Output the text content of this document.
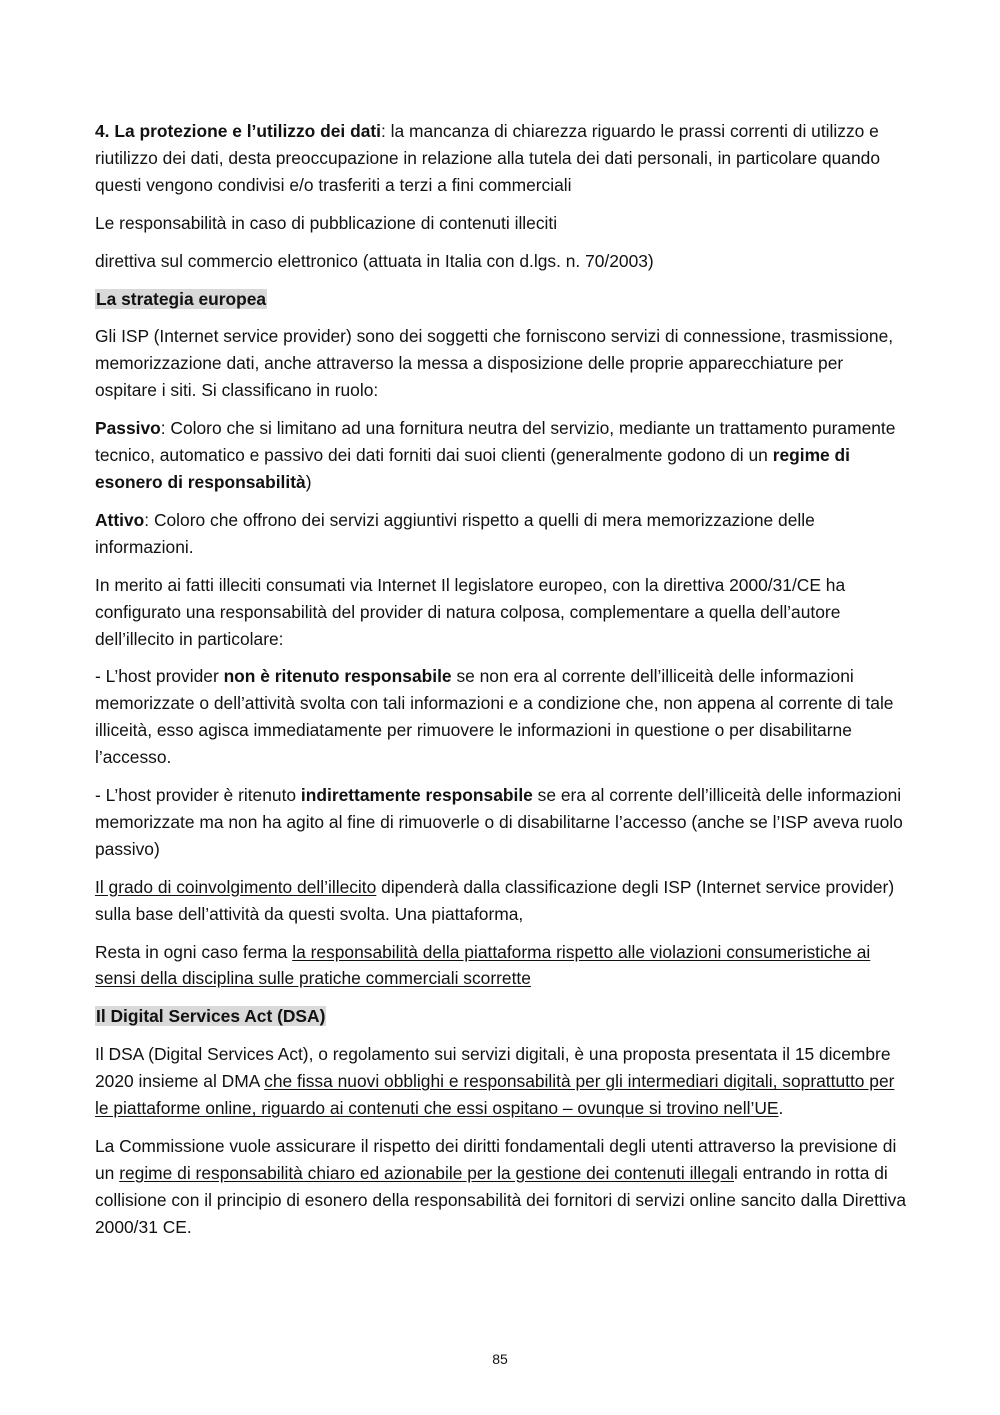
4. La protezione e l’utilizzo dei dati: la mancanza di chiarezza riguardo le prassi correnti di utilizzo e riutilizzo dei dati, desta preoccupazione in relazione alla tutela dei dati personali, in particolare quando questi vengono condivisi e/o trasferiti a terzi a fini commerciali

Le responsabilità in caso di pubblicazione di contenuti illeciti

direttiva sul commercio elettronico (attuata in Italia con d.lgs. n. 70/2003)

La strategia europea

Gli ISP (Internet service provider) sono dei soggetti che forniscono servizi di connessione, trasmissione, memorizzazione dati, anche attraverso la messa a disposizione delle proprie apparecchiature per ospitare i siti. Si classificano in ruolo:

Passivo: Coloro che si limitano ad una fornitura neutra del servizio, mediante un trattamento puramente tecnico, automatico e passivo dei dati forniti dai suoi clienti (generalmente godono di un regime di esonero di responsabilità)

Attivo: Coloro che offrono dei servizi aggiuntivi rispetto a quelli di mera memorizzazione delle informazioni.

In merito ai fatti illeciti consumati via Internet Il legislatore europeo, con la direttiva 2000/31/CE ha configurato una responsabilità del provider di natura colposa, complementare a quella dell’autore dell’illecito in particolare:

- L’host provider non è ritenuto responsabile se non era al corrente dell’illiceità delle informazioni memorizzate o dell’attività svolta con tali informazioni e a condizione che, non appena al corrente di tale illiceità, esso agisca immediatamente per rimuovere le informazioni in questione o per disabilitarne l’accesso.

- L’host provider è ritenuto indirettamente responsabile se era al corrente dell’illiceità delle informazioni memorizzate ma non ha agito al fine di rimuoverle o di disabilitarne l’accesso (anche se l’ISP aveva ruolo passivo)

Il grado di coinvolgimento dell’illecito dipenderà dalla classificazione degli ISP (Internet service provider) sulla base dell’attività da questi svolta. Una piattaforma,

Resta in ogni caso ferma la responsabilità della piattaforma rispetto alle violazioni consumeristiche ai sensi della disciplina sulle pratiche commerciali scorrette

Il Digital Services Act (DSA)

Il DSA (Digital Services Act), o regolamento sui servizi digitali, è una proposta presentata il 15 dicembre 2020 insieme al DMA che fissa nuovi obblighi e responsabilità per gli intermediari digitali, soprattutto per le piattaforme online, riguardo ai contenuti che essi ospitano – ovunque si trovino nell’UE.

La Commissione vuole assicurare il rispetto dei diritti fondamentali degli utenti attraverso la previsione di un regime di responsabilità chiaro ed azionabile per la gestione dei contenuti illegali entrando in rotta di collisione con il principio di esonero della responsabilità dei fornitori di servizi online sancito dalla Direttiva 2000/31 CE.

85
